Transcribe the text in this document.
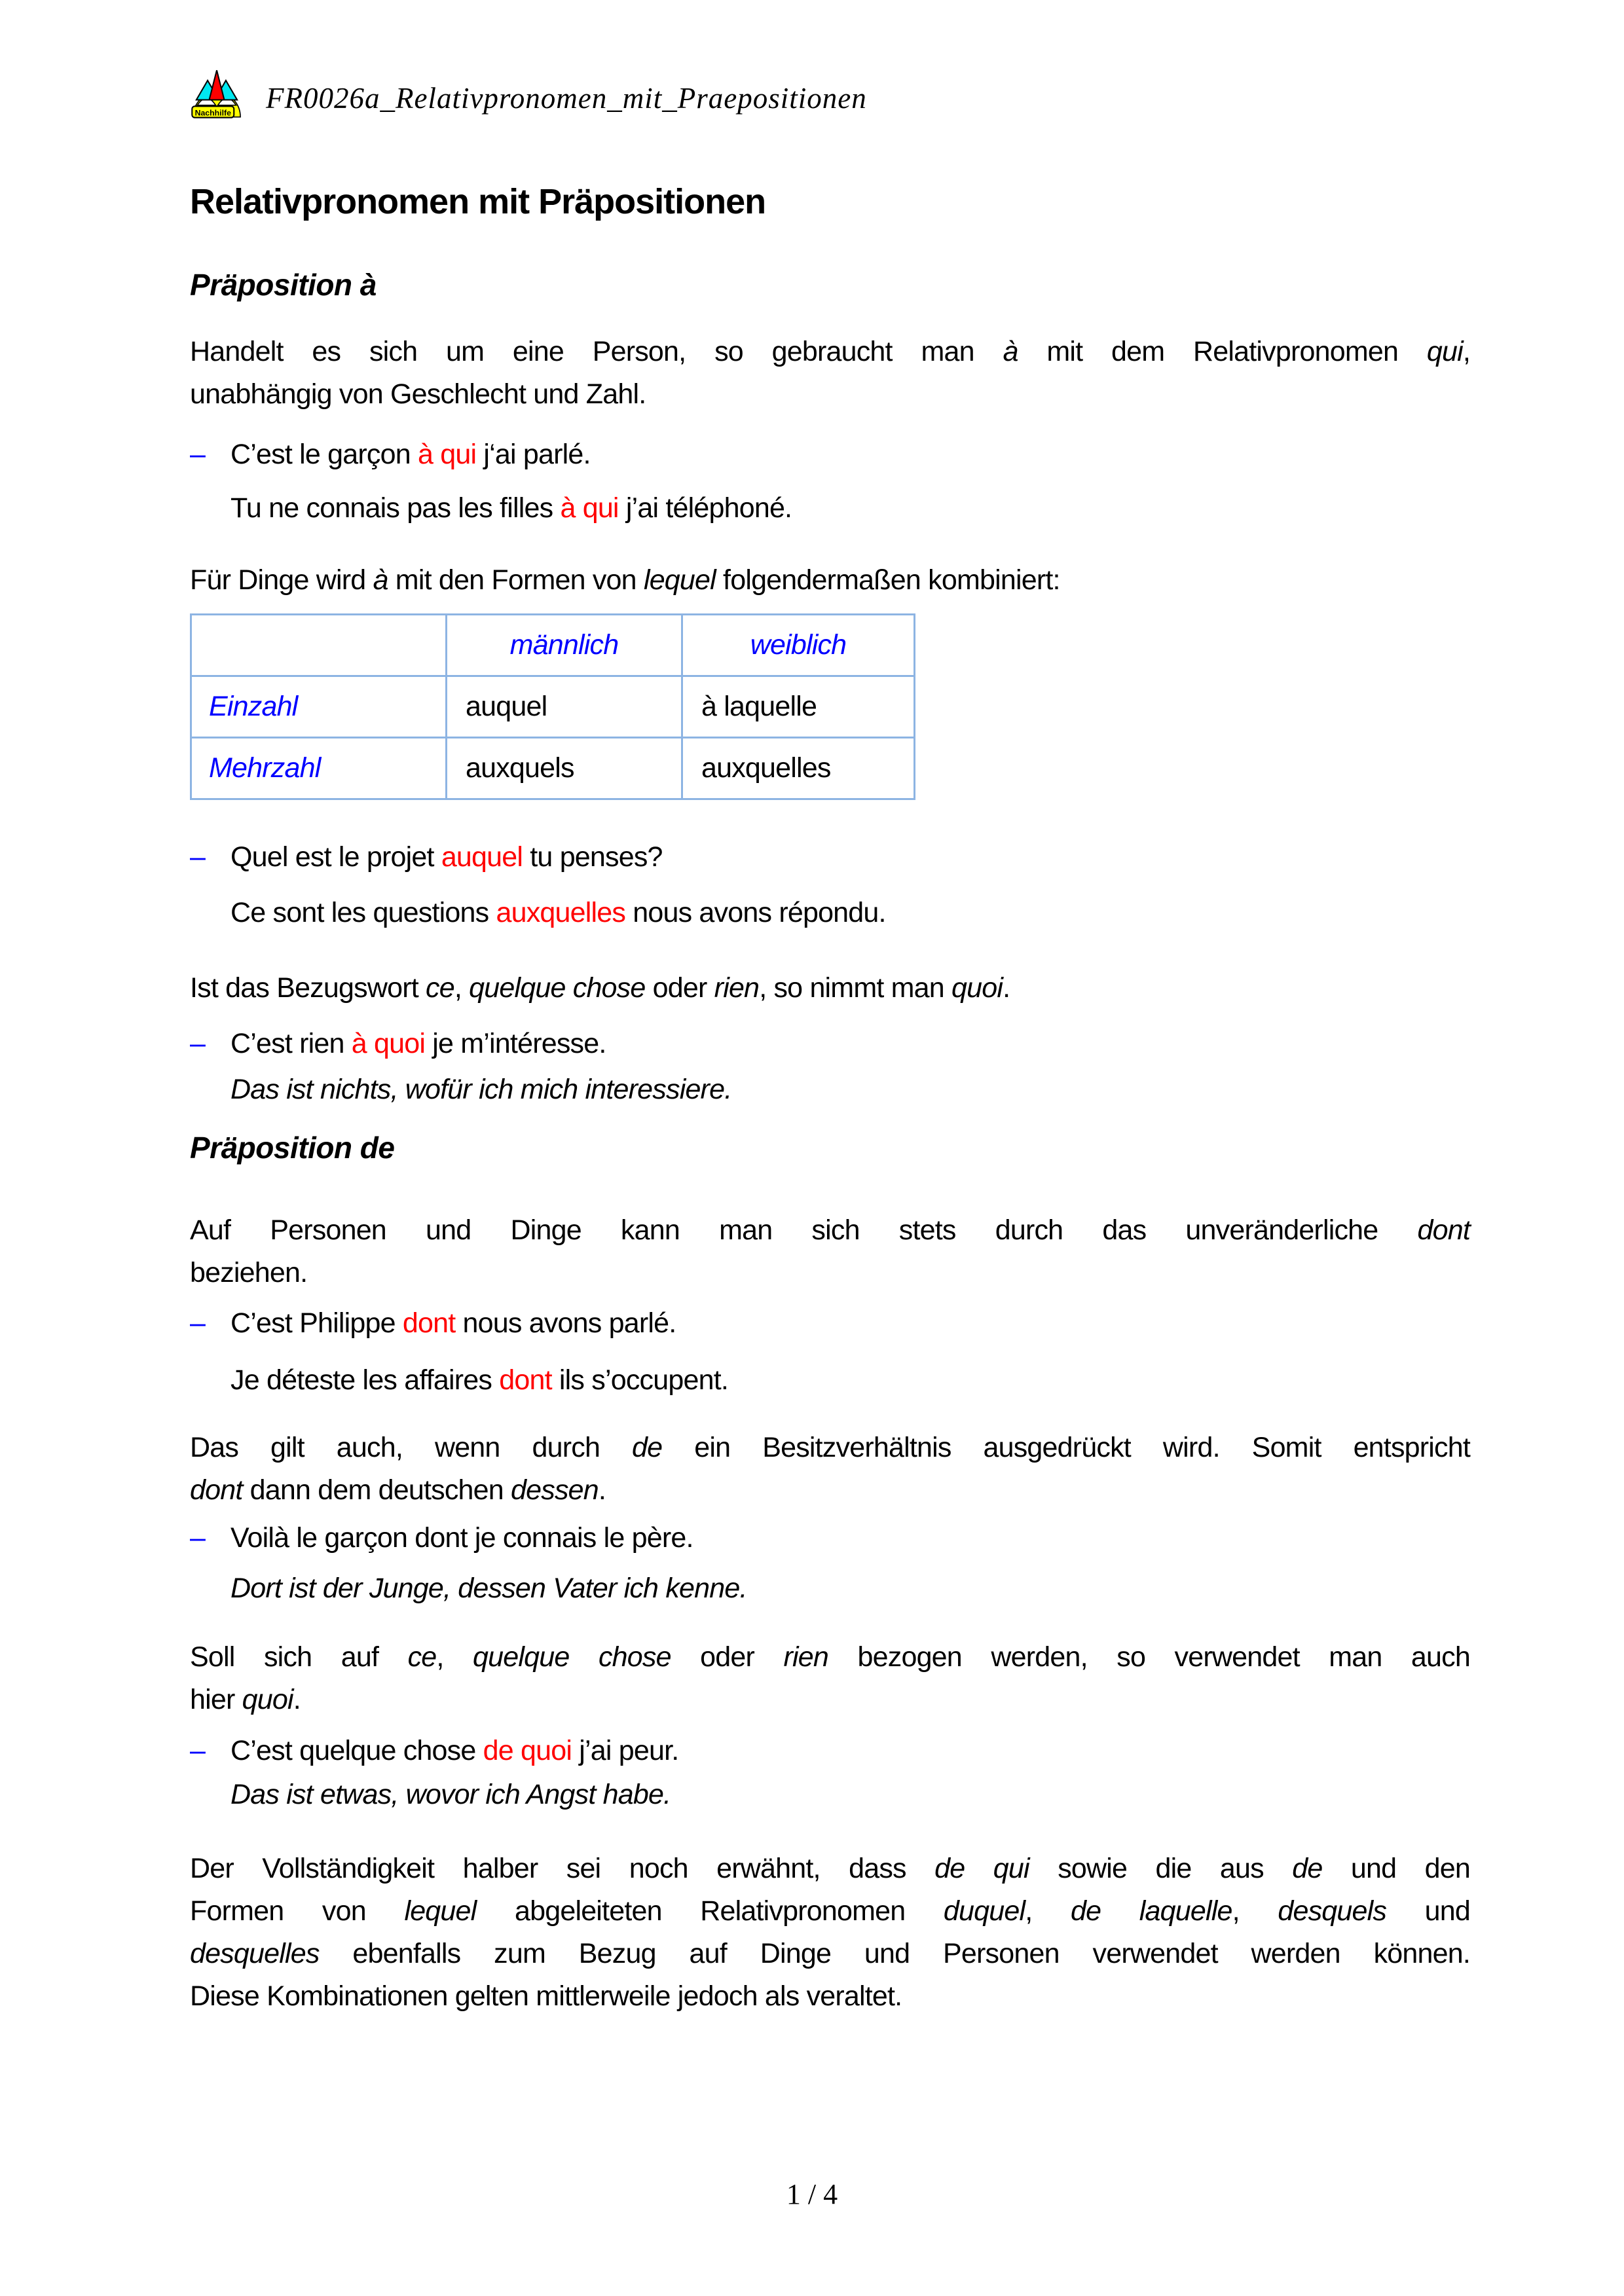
Nachhilfe FR0026a_Relativpronomen_mit_Praepositionen
Relativpronomen mit Präpositionen
Präposition à
Handelt es sich um eine Person, so gebraucht man à mit dem Relativpronomen qui,
unabhängig von Geschlecht und Zahl.
– C’est le garçon à qui j‘ai parlé.
Tu ne connais pas les filles à qui j’ai téléphoné.
Für Dinge wird à mit den Formen von lequel folgendermaßen kombiniert:
	männlich	weiblich
Einzahl	auquel	à laquelle
Mehrzahl	auxquels	auxquelles
– Quel est le projet auquel tu penses?
Ce sont les questions auxquelles nous avons répondu.
Ist das Bezugswort ce, quelque chose oder rien, so nimmt man quoi.
– C’est rien à quoi je m’intéresse.
Das ist nichts, wofür ich mich interessiere.
Präposition de
Auf Personen und Dinge kann man sich stets durch das unveränderliche dont
beziehen.
– C’est Philippe dont nous avons parlé.
Je déteste les affaires dont ils s’occupent.
Das gilt auch, wenn durch de ein Besitzverhältnis ausgedrückt wird. Somit entspricht
dont dann dem deutschen dessen.
– Voilà le garçon dont je connais le père.
Dort ist der Junge, dessen Vater ich kenne.
Soll sich auf ce, quelque chose oder rien bezogen werden, so verwendet man auch
hier quoi.
– C’est quelque chose de quoi j’ai peur.
Das ist etwas, wovor ich Angst habe.
Der Vollständigkeit halber sei noch erwähnt, dass de qui sowie die aus de und den
Formen von lequel abgeleiteten Relativpronomen duquel, de laquelle, desquels und
desquelles ebenfalls zum Bezug auf Dinge und Personen verwendet werden können.
Diese Kombinationen gelten mittlerweile jedoch als veraltet.
1 / 4
